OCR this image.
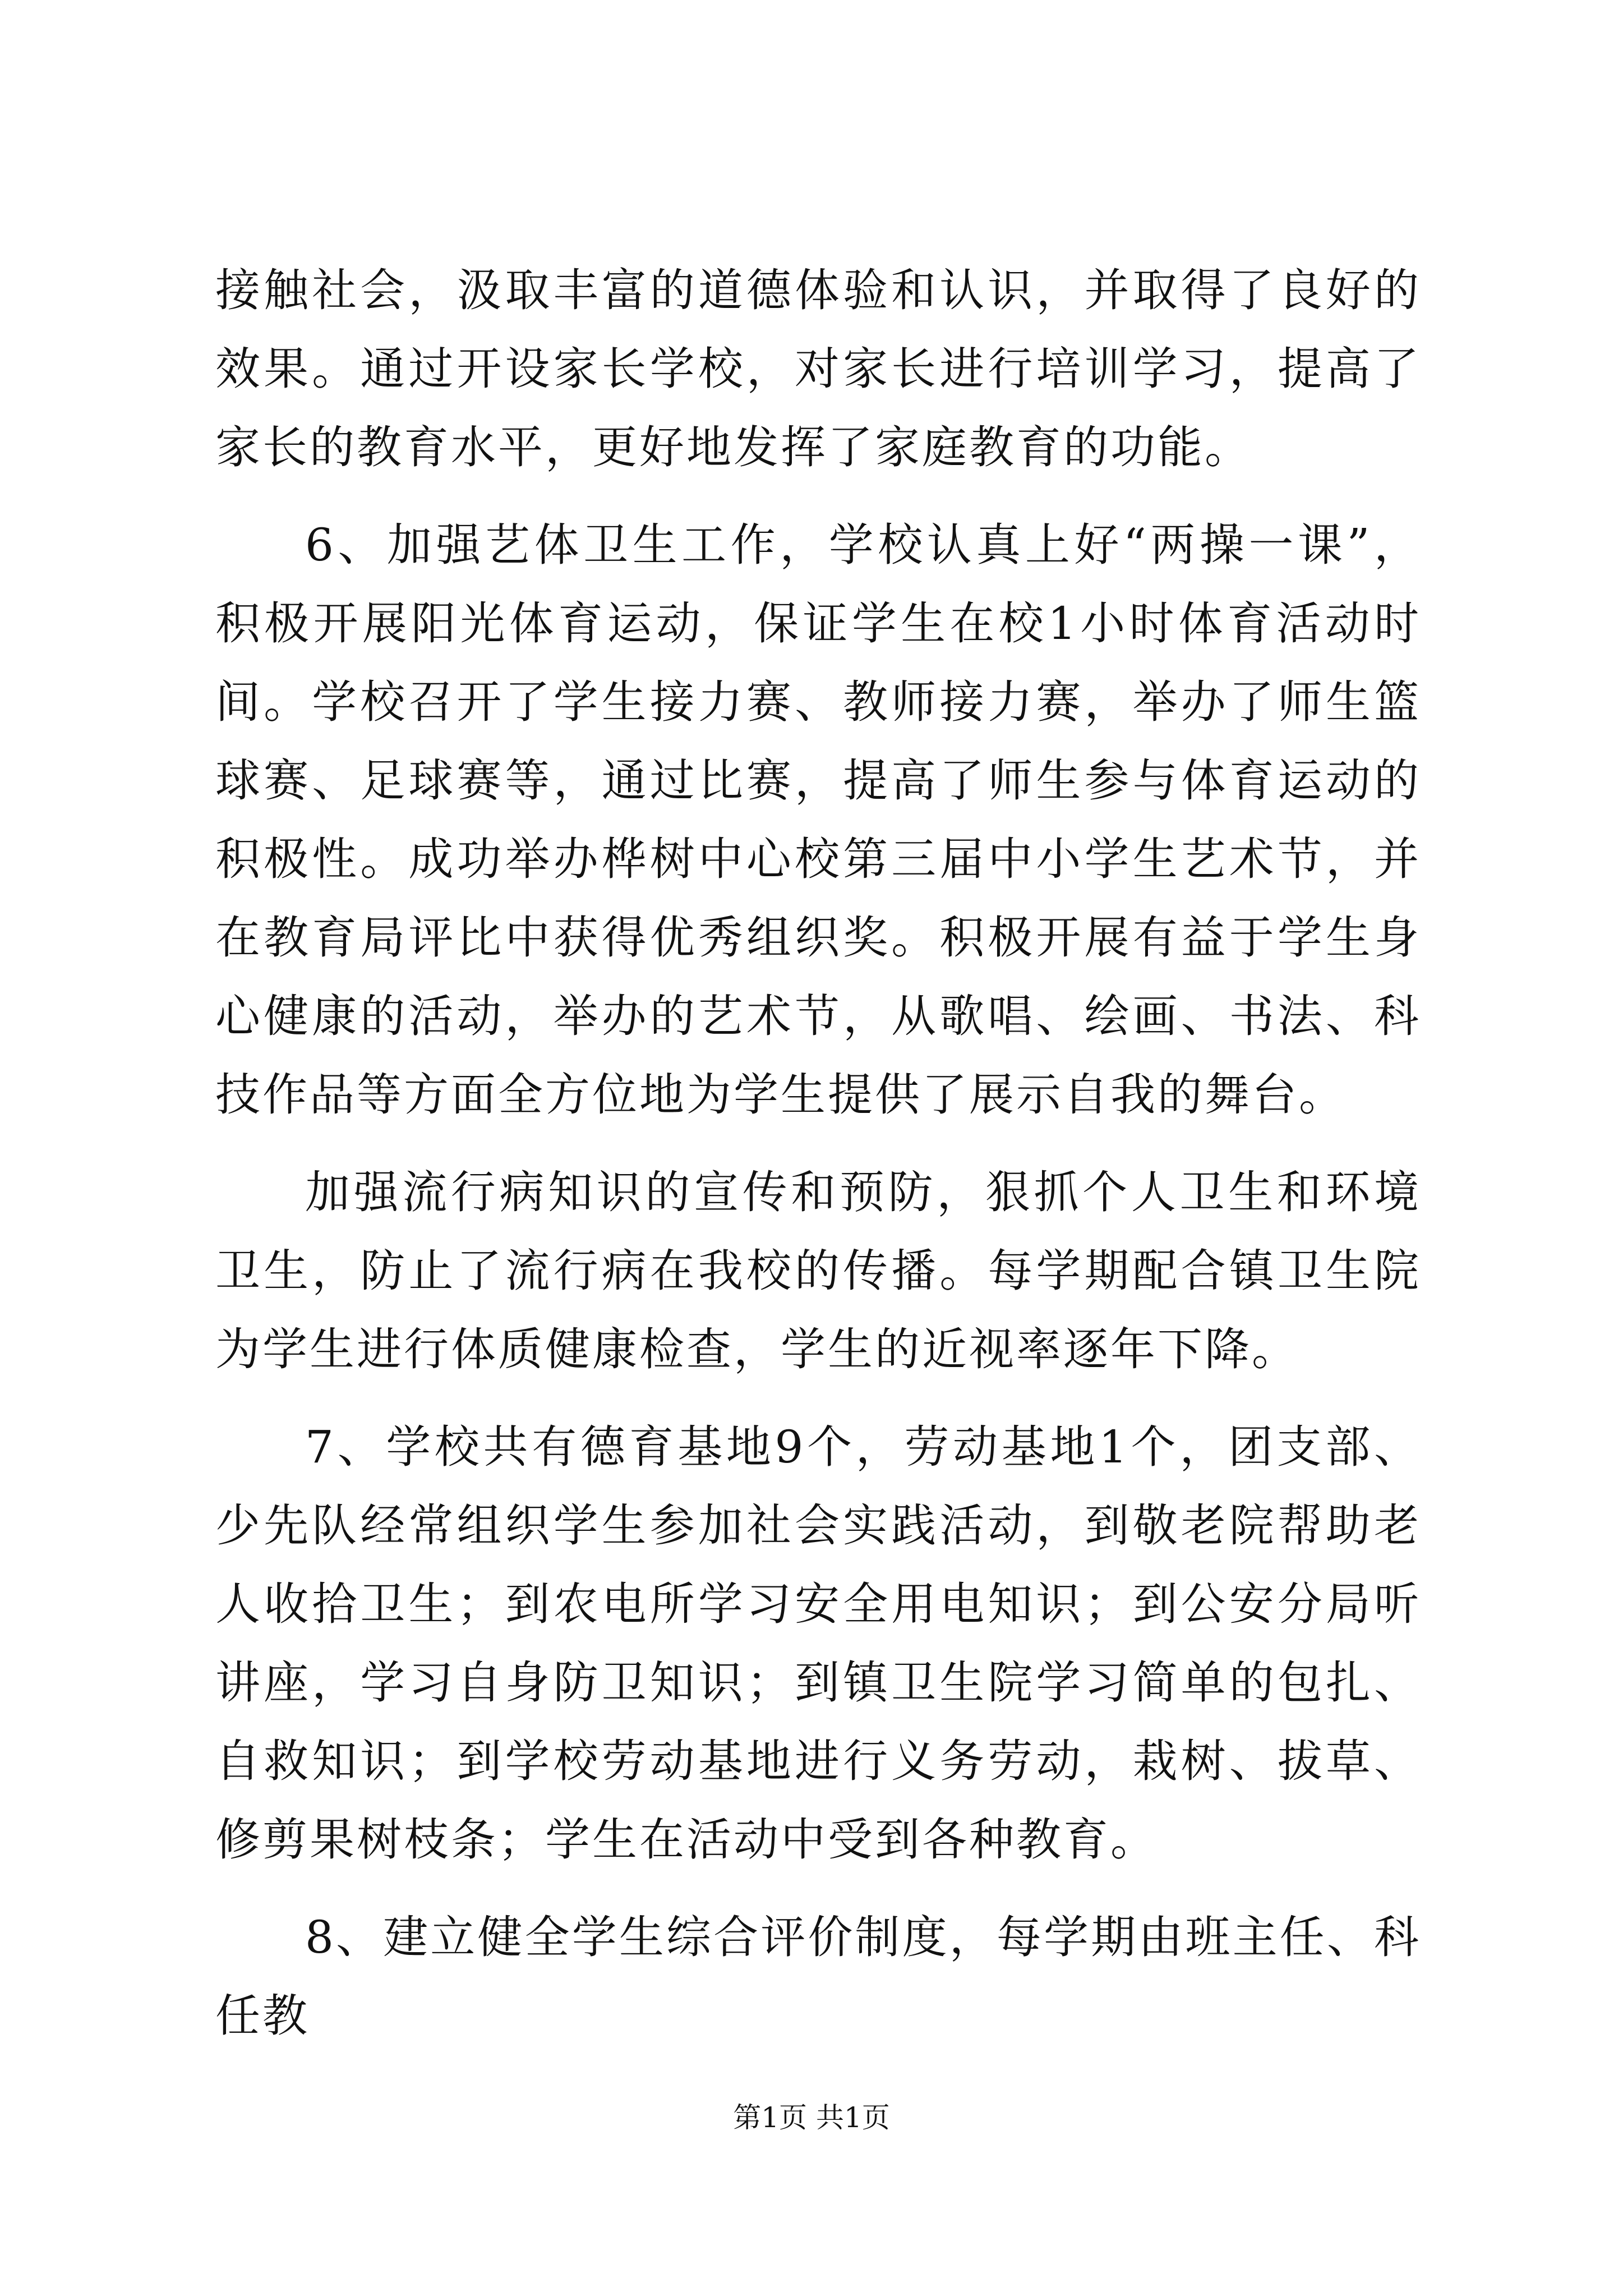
接触社会，汲取丰富的道德体验和认识，并取得了良好的效果。通过开设家长学校，对家长进行培训学习，提高了家长的教育水平，更好地发挥了家庭教育的功能。

6、加强艺体卫生工作，学校认真上好“两操一课”，积极开展阳光体育运动，保证学生在校1小时体育活动时间。学校召开了学生接力赛、教师接力赛，举办了师生篮球赛、足球赛等，通过比赛，提高了师生参与体育运动的积极性。成功举办桦树中心校第三届中小学生艺术节，并在教育局评比中获得优秀组织奖。积极开展有益于学生身心健康的活动，举办的艺术节，从歌唱、绘画、书法、科技作品等方面全方位地为学生提供了展示自我的舞台。

加强流行病知识的宣传和预防，狠抓个人卫生和环境卫生，防止了流行病在我校的传播。每学期配合镇卫生院为学生进行体质健康检查，学生的近视率逐年下降。

7、学校共有德育基地9个，劳动基地1个，团支部、少先队经常组织学生参加社会实践活动，到敬老院帮助老人收拾卫生；到农电所学习安全用电知识；到公安分局听讲座，学习自身防卫知识；到镇卫生院学习简单的包扎、自救知识；到学校劳动基地进行义务劳动，栽树、拔草、修剪果树枝条；学生在活动中受到各种教育。

8、建立健全学生综合评价制度，每学期由班主任、科任教

第1页 共1页
